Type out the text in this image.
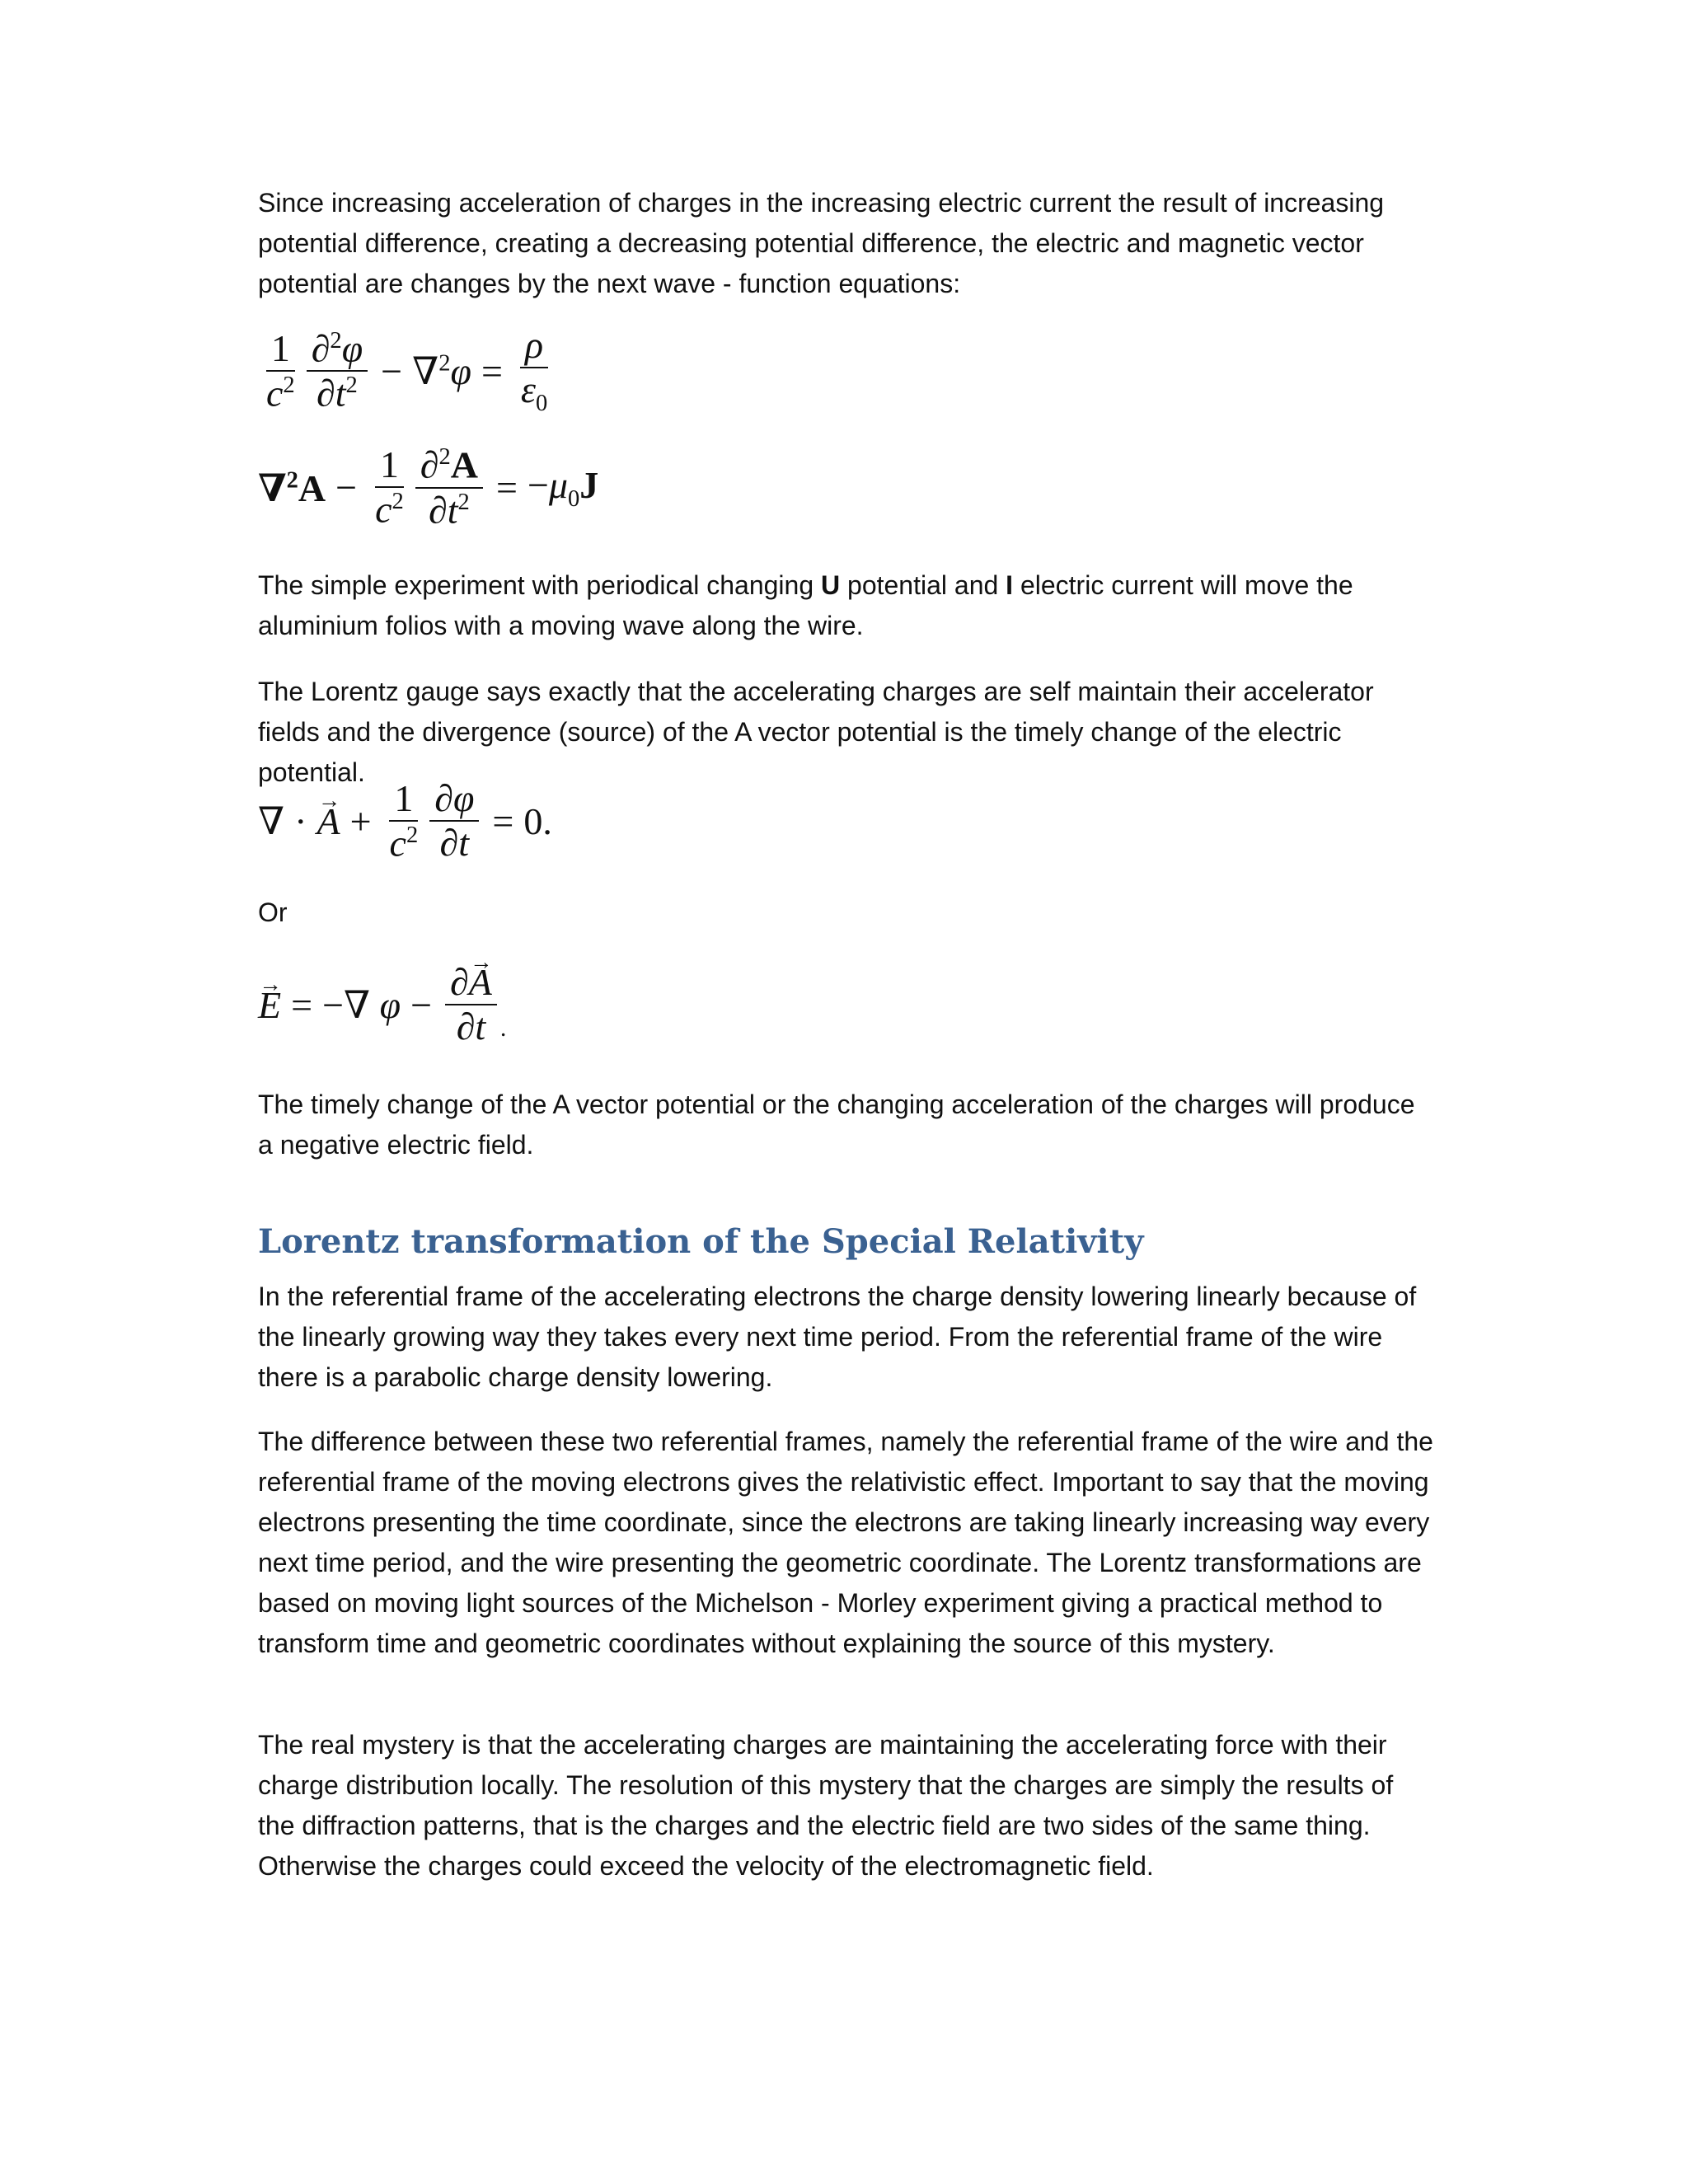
Since increasing acceleration of charges in the increasing electric current the result of increasing potential difference, creating a decreasing potential difference, the electric and magnetic vector potential are changes by the next wave - function equations:

$\frac{1}{c^2} \frac{\partial^2\varphi}{\partial t^2} - \nabla^2\varphi = \frac{\rho}{\varepsilon_0}$
$\nabla^2A - \frac{1}{c^2} \frac{\partial^2A}{\partial t^2} = -\mu_0J$

The simple experiment with periodical changing U potential and I electric current will move the aluminium folios with a moving wave along the wire.

The Lorentz gauge says exactly that the accelerating charges are self maintain their accelerator fields and the divergence (source) of the A vector potential is the timely change of the electric potential.

∇ ·
→ $A + \frac{1}{c^2} \frac{\partial\varphi}{\partial t} = 0$.

Or

→ E = −∇ $\varphi - \frac{\partial\to A}{\partial t}$ .

The timely change of the A vector potential or the changing acceleration of the charges will produce a negative electric field.

Lorentz transformation of the Special Relativity

In the referential frame of the accelerating electrons the charge density lowering linearly because of the linearly growing way they takes every next time period. From the referential frame of the wire there is a parabolic charge density lowering.

The difference between these two referential frames, namely the referential frame of the wire and the referential frame of the moving electrons gives the relativistic effect. Important to say that the moving electrons presenting the time coordinate, since the electrons are taking linearly increasing way every next time period, and the wire presenting the geometric coordinate. The Lorentz transformations are based on moving light sources of the Michelson - Morley experiment giving a practical method to transform time and geometric coordinates without explaining the source of this mystery.

The real mystery is that the accelerating charges are maintaining the accelerating force with their charge distribution locally. The resolution of this mystery that the charges are simply the results of the diffraction patterns, that is the charges and the electric field are two sides of the same thing. Otherwise the charges could exceed the velocity of the electromagnetic field.
